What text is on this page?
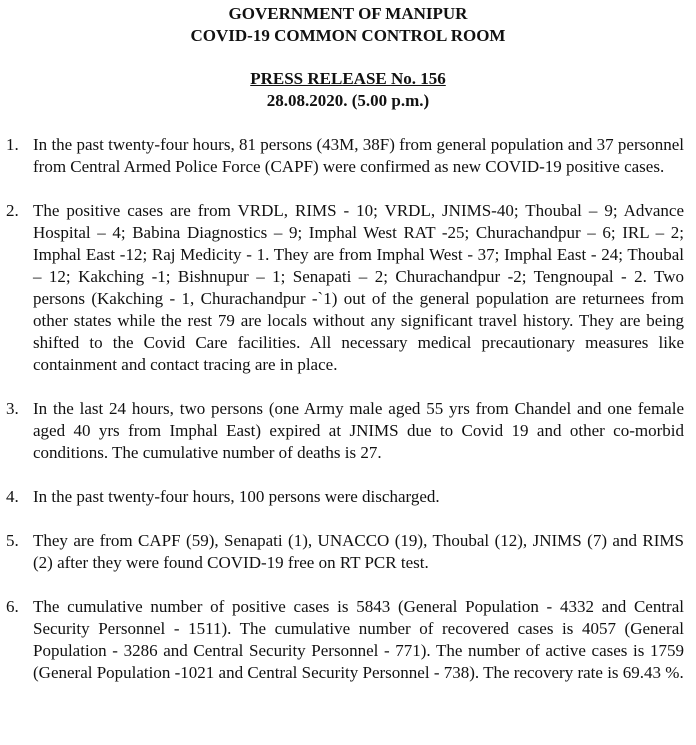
GOVERNMENT OF MANIPUR

COVID-19 COMMON CONTROL ROOM

PRESS RELEASE No. 156

28.08.2020. (5.00 p.m.)

1. In the past twenty-four hours, 81 persons (43M, 38F) from general population and 37 personnel from Central Armed Police Force (CAPF) were confirmed as new COVID-19 positive cases.
2. The positive cases are from VRDL, RIMS - 10; VRDL, JNIMS-40; Thoubal – 9; Advance Hospital – 4; Babina Diagnostics – 9; Imphal West RAT -25; Churachandpur – 6; IRL – 2; Imphal East -12; Raj Medicity - 1. They are from Imphal West - 37; Imphal East - 24; Thoubal – 12; Kakching -1; Bishnupur – 1; Senapati – 2; Churachandpur -2; Tengnoupal - 2. Two persons (Kakching - 1, Churachandpur -`1) out of the general population are returnees from other states while the rest 79 are locals without any significant travel history. They are being shifted to the Covid Care facilities. All necessary medical precautionary measures like containment and contact tracing are in place.
3. In the last 24 hours, two persons (one Army male aged 55 yrs from Chandel and one female aged 40 yrs from Imphal East) expired at JNIMS due to Covid 19 and other co-morbid conditions. The cumulative number of deaths is 27.
4. In the past twenty-four hours, 100 persons were discharged.
5. They are from CAPF (59), Senapati (1), UNACCO (19), Thoubal (12), JNIMS (7) and RIMS (2) after they were found COVID-19 free on RT PCR test.
6. The cumulative number of positive cases is 5843 (General Population - 4332 and Central Security Personnel - 1511). The cumulative number of recovered cases is 4057 (General Population - 3286 and Central Security Personnel - 771). The number of active cases is 1759 (General Population -1021 and Central Security Personnel - 738). The recovery rate is 69.43 %.
